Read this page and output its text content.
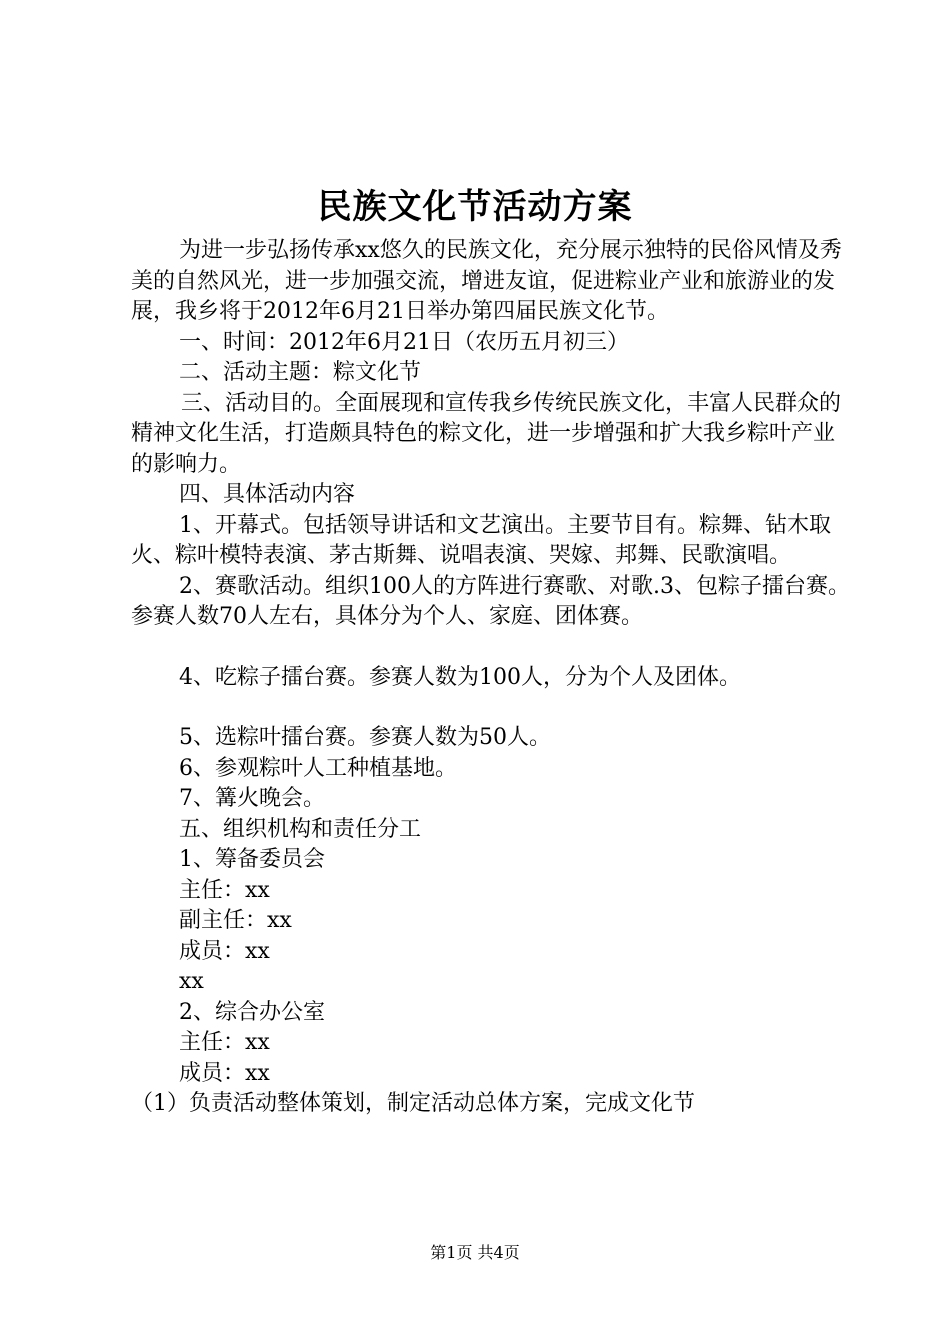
民族文化节活动方案

为进一步弘扬传承xx悠久的民族文化，充分展示独特的民俗风情及秀美的自然风光，进一步加强交流，增进友谊，促进粽业产业和旅游业的发展，我乡将于2012年6月21日举办第四届民族文化节。

一、时间：2012年6月21日（农历五月初三）

二、活动主题：粽文化节

三、活动目的。全面展现和宣传我乡传统民族文化，丰富人民群众的精神文化生活，打造颇具特色的粽文化，进一步增强和扩大我乡粽叶产业的影响力。

四、具体活动内容

1、开幕式。包括领导讲话和文艺演出。主要节目有。粽舞、钻木取火、粽叶模特表演、茅古斯舞、说唱表演、哭嫁、邦舞、民歌演唱。

2、赛歌活动。组织100人的方阵进行赛歌、对歌.3、包粽子擂台赛。参赛人数70人左右，具体分为个人、家庭、团体赛。

4、吃粽子擂台赛。参赛人数为100人，分为个人及团体。

5、选粽叶擂台赛。参赛人数为50人。

6、参观粽叶人工种植基地。

7、篝火晚会。

五、组织机构和责任分工

1、筹备委员会

主任：xx

副主任：xx

成员：xx

xx

2、综合办公室

主任：xx

成员：xx

（1）负责活动整体策划，制定活动总体方案，完成文化节

第1页 共4页
